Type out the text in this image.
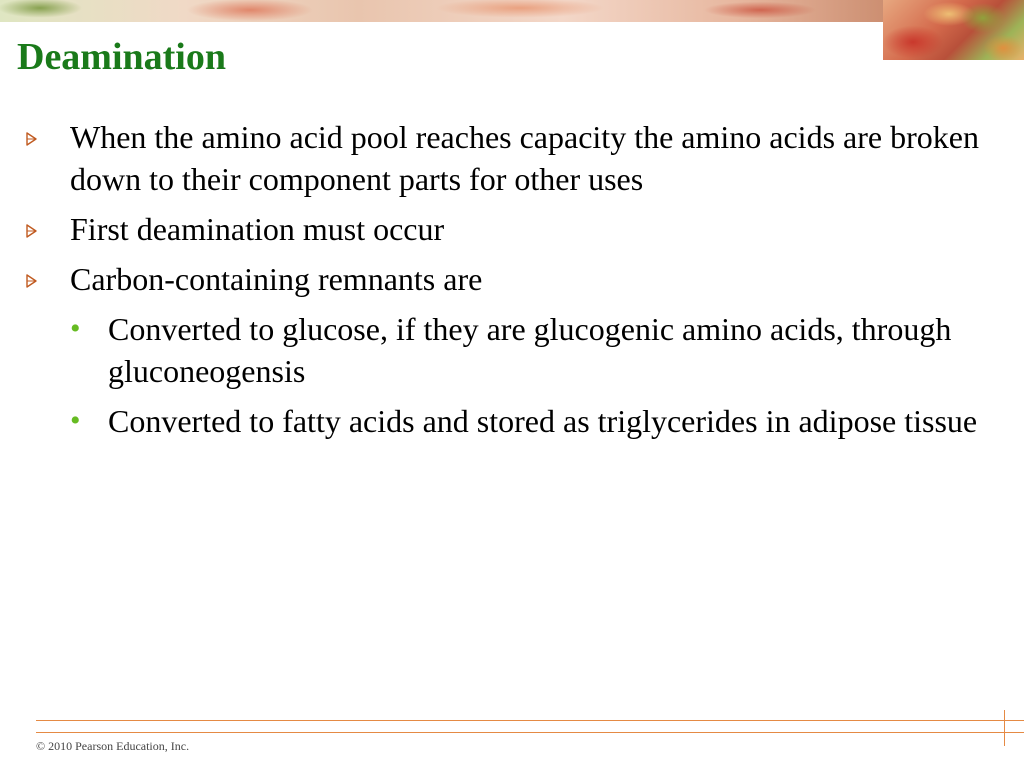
Deamination
When the amino acid pool reaches capacity the amino acids are broken down to their component parts for other uses
First deamination must occur
Carbon-containing remnants are
• Converted to glucose, if they are glucogenic amino acids, through gluconeogensis
• Converted to fatty acids and stored as triglycerides in adipose tissue
© 2010 Pearson Education, Inc.
